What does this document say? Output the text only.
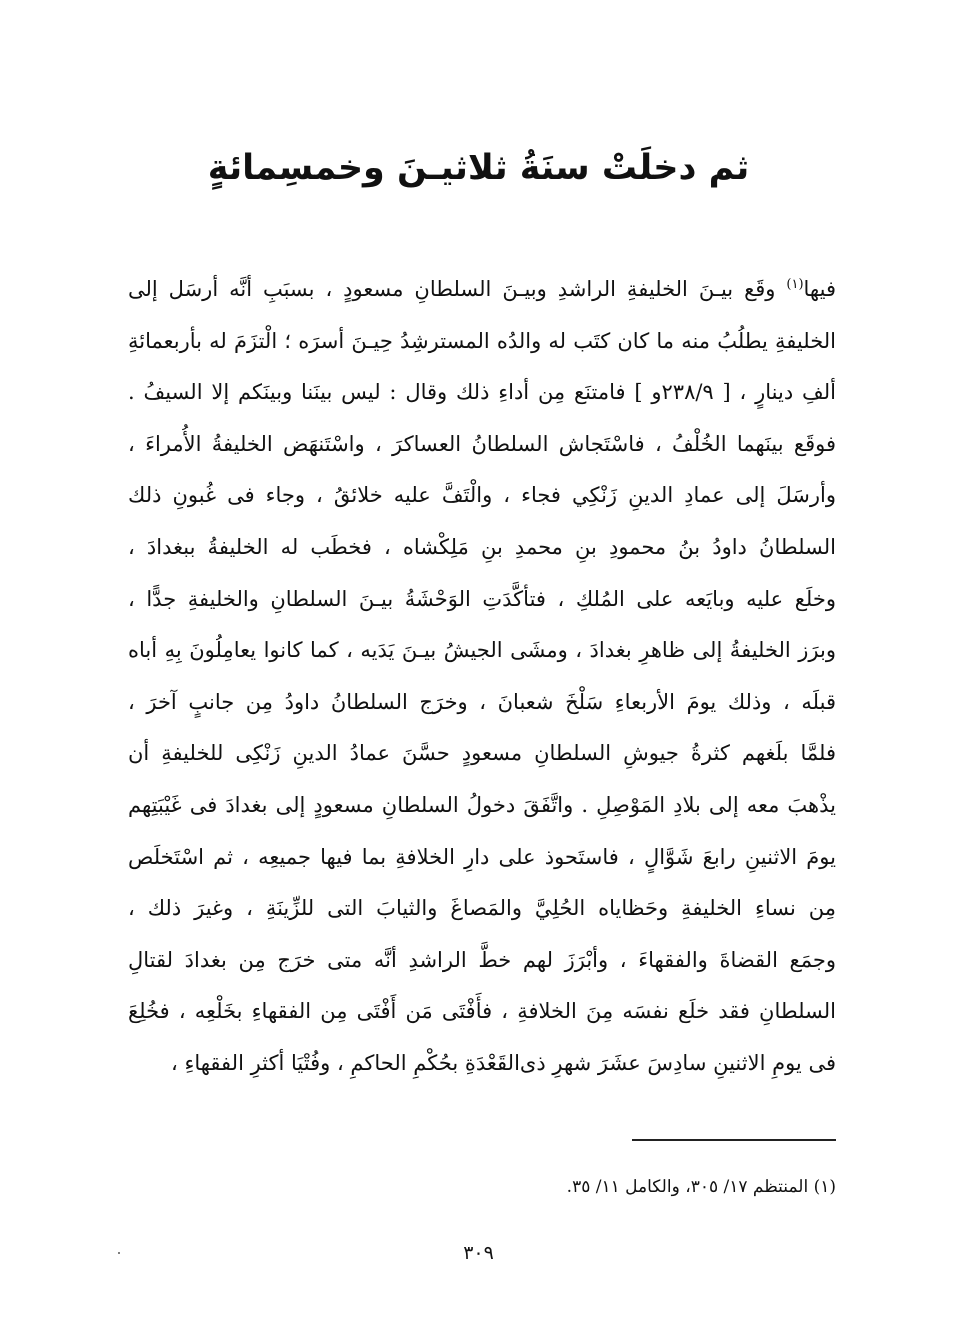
ثم دخلَتْ سنَةُ ثلاثيـنَ وخمسِمائةٍ
فيها$^{(١)}$ وقَع بيـنَ الخليفةِ الراشدِ وبيـنَ السلطانِ مسعودٍ ، بسبَبِ أنَّه أرسَل إلى
الخليفةِ يطلُبُ منه ما كان كتَب له والدُه المسترشِدُ حِيـنَ أسرَه ؛ الْتزَمَ له بأربعمائةِ
ألفِ دينارٍ ، [ ٢٣٨/٩و ] فامتنَع مِن أداءِ ذلك وقال : ليس بينَنا وبينَكم إلا السيفُ .
فوقَع بينَهما الخُلْفُ ، فاسْتَجاش السلطانُ العساكرَ ، واسْتَنهَض الخليفةُ الأُمراءَ ،
وأرسَلَ إلى عمادِ الدينِ زَنْكِي فجاء ، والْتَفَّ عليه خلائقُ ، وجاء فى غُبونِ ذلك
السلطانُ داودُ بنُ محمودِ بنِ محمدِ بنِ مَلِكْشاه ، فخطَب له الخليفةُ ببغدادَ ،
وخلَع عليه وبايَعه على المُلكِ ، فتأكَّدَتِ الوَحْشَةُ بيـنَ السلطانِ والخليفةِ جدًّا ،
وبرَز الخليفةُ إلى ظاهرِ بغدادَ ، ومشَى الجيشُ بيـنَ يَدَيه ، كما كانوا يعامِلُونَ بِهِ أباه
قبلَه ، وذلك يومَ الأربعاءِ سَلْخَ شعبانَ ، وخرَج السلطانُ داودُ مِن جانبٍ آخرَ ،
فلمَّا بلَغهم كثرةُ جيوشِ السلطانِ مسعودٍ حسَّنَ عمادُ الدينِ زَنْكِى للخليفةِ أن
يذْهبَ معه إلى بلادِ المَوْصِلِ . واتَّفَقَ دخولُ السلطانِ مسعودٍ إلى بغدادَ فى غَيْبَتِهم
يومَ الاثنينِ رابعَ شَوَّالٍ ، فاستَحوذ على دارِ الخلافةِ بما فيها جميعِه ، ثم اسْتَخلَص
مِن نساءِ الخليفةِ وحَظاياه الحُلِيَّ والمَصاغَ والثيابَ التى للزِّينَةِ ، وغيرَ ذلك ،
وجمَع القضاةَ والفقهاءَ ، وأبْرَزَ لهم خطَّ الراشدِ أنَّه متى خرَج مِن بغدادَ لقتالِ
السلطانِ فقد خلَع نفسَه مِنَ الخلافةِ ، فأَفْتَى مَن أَفْتَى مِن الفقهاءِ بخَلْعِه ، فخُلِعَ
فى يومِ الاثنينِ سادِسَ عشَرَ شهرِ ذى‌القَعْدَةِ بحُكْمِ الحاكمِ ، وفُتْيَا أكثرِ الفقهاءِ ،
(١) المنتظم ١٧/ ٣٠٥، والكامل ١١/ ٣٥.
٣٠٩
